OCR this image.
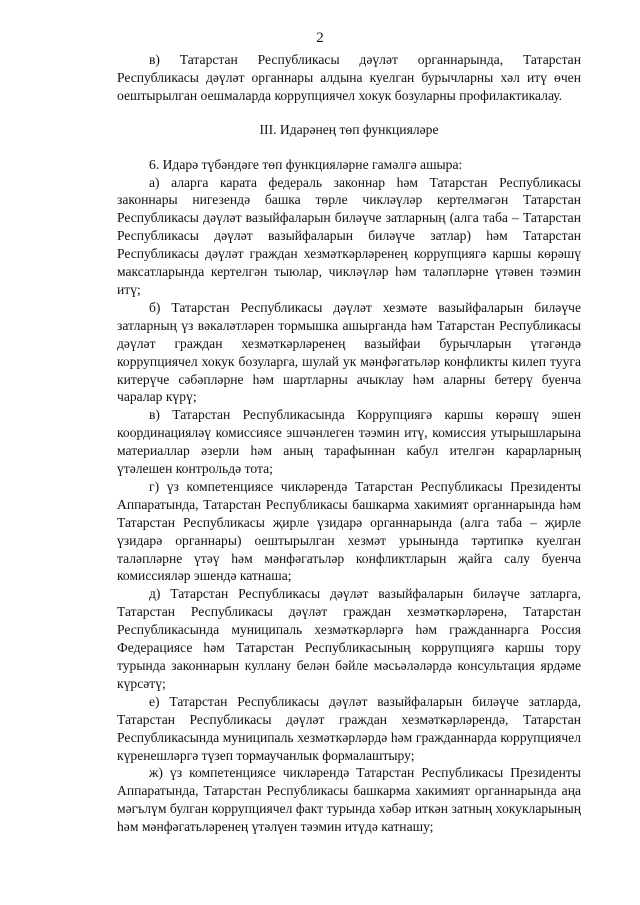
2

в) Татарстан Республикасы дәүләт органнарында, Татарстан Республикасы дәүләт органнары алдына куелган бурычларны хәл итү өчен оештырылган оешмаларда коррупциячел хокук бозуларны профилактикалау.

III. Идарәнең төп функцияләре

6. Идарә түбәндәге төп функцияләрне гамәлгә ашыра:

а) аларга карата федераль законнар һәм Татарстан Республикасы законнары нигезендә башка төрле чикләүләр кертелмәгән Татарстан Республикасы дәүләт вазыйфаларын биләүче затларның (алга таба – Татарстан Республикасы дәүләт вазыйфаларын биләүче затлар) һәм Татарстан Республикасы дәүләт граждан хезмәткәрләренең коррупциягә каршы көрәшү максатларында кертелгән тыюлар, чикләүләр һәм таләпләрне үтәвен тәэмин итү;

б) Татарстан Республикасы дәүләт хезмәте вазыйфаларын биләүче затларның үз вәкаләтләрен тормышка ашырганда һәм Татарстан Республикасы дәүләт граждан хезмәткәрләренең вазыйфаи бурычларын үтәгәндә коррупциячел хокук бозуларга, шулай ук мәнфәгатьләр конфликты килеп тууга китерүче сәбәпләрне һәм шартларны ачыклау һәм аларны бетерү буенча чаралар күрү;

в) Татарстан Республикасында Коррупциягә каршы көрәшү эшен координацияләү комиссиясе эшчәнлеген тәэмин итү, комиссия утырышларына материаллар әзерли һәм аның тарафыннан кабул ителгән карарларның үтәлешен контрольдә тота;

г) үз компетенциясе чикләрендә Татарстан Республикасы Президенты Аппаратында, Татарстан Республикасы башкарма хакимият органнарында һәм Татарстан Республикасы җирле үзидарә органнарында (алга таба – җирле үзидарә органнары) оештырылган хезмәт урынында тәртипкә куелган таләпләрне үтәү һәм мәнфәгатьләр конфликтларын җайга салу буенча комиссияләр эшендә катнаша;

д) Татарстан Республикасы дәүләт вазыйфаларын биләүче затларга, Татарстан Республикасы дәүләт граждан хезмәткәрләренә, Татарстан Республикасында муниципаль хезмәткәрләргә һәм гражданнарга Россия Федерациясе һәм Татарстан Республикасының коррупциягә каршы тору турында законнарын куллану белән бәйле мәсьәләләрдә консультация ярдәме күрсәтү;

е) Татарстан Республикасы дәүләт вазыйфаларын биләүче затларда, Татарстан Республикасы дәүләт граждан хезмәткәрләрендә, Татарстан Республикасында муниципаль хезмәткәрләрдә һәм гражданнарда коррупциячел күренешләргә түзеп тормаучанлык формалаштыру;

ж) үз компетенциясе чикләрендә Татарстан Республикасы Президенты Аппаратында, Татарстан Республикасы башкарма хакимият органнарында аңа мәгълүм булган коррупциячел факт турында хәбәр иткән затның хокукларының һәм мәнфәгатьләренең үтәлүен тәэмин итүдә катнашу;
